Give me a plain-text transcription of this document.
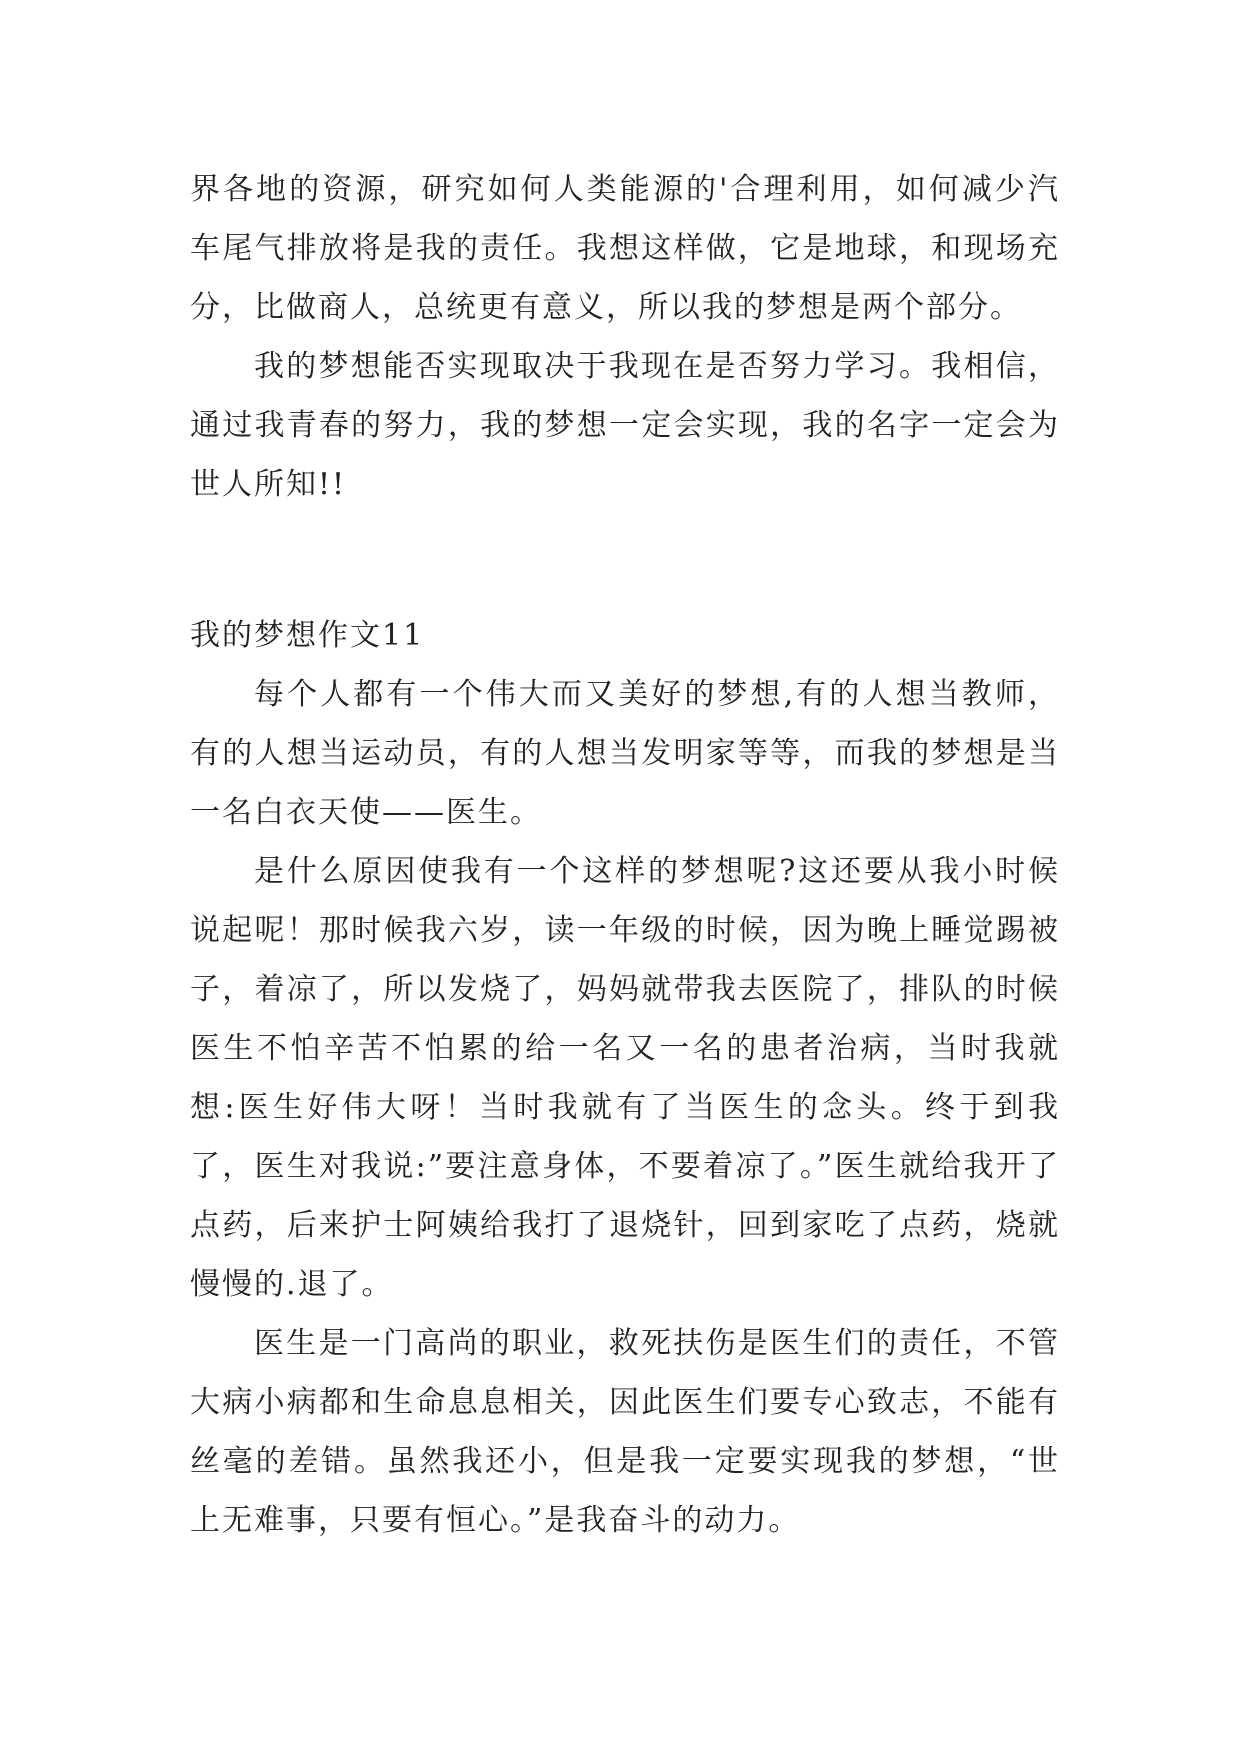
界各地的资源，研究如何人类能源的'合理利用，如何减少汽车尾气排放将是我的责任。我想这样做，它是地球，和现场充分，比做商人，总统更有意义，所以我的梦想是两个部分。

我的梦想能否实现取决于我现在是否努力学习。我相信，通过我青春的努力，我的梦想一定会实现，我的名字一定会为世人所知!!

我的梦想作文11

每个人都有一个伟大而又美好的梦想,有的人想当教师，有的人想当运动员，有的人想当发明家等等，而我的梦想是当一名白衣天使——医生。

是什么原因使我有一个这样的梦想呢?这还要从我小时候说起呢！那时候我六岁，读一年级的时候，因为晚上睡觉踢被子，着凉了，所以发烧了，妈妈就带我去医院了，排队的时候医生不怕辛苦不怕累的给一名又一名的患者治病，当时我就想:医生好伟大呀！当时我就有了当医生的念头。终于到我了，医生对我说:”要注意身体，不要着凉了。”医生就给我开了点药，后来护士阿姨给我打了退烧针，回到家吃了点药，烧就慢慢的.退了。

医生是一门高尚的职业，救死扶伤是医生们的责任，不管大病小病都和生命息息相关，因此医生们要专心致志，不能有丝毫的差错。虽然我还小，但是我一定要实现我的梦想，“世上无难事，只要有恒心。”是我奋斗的动力。
